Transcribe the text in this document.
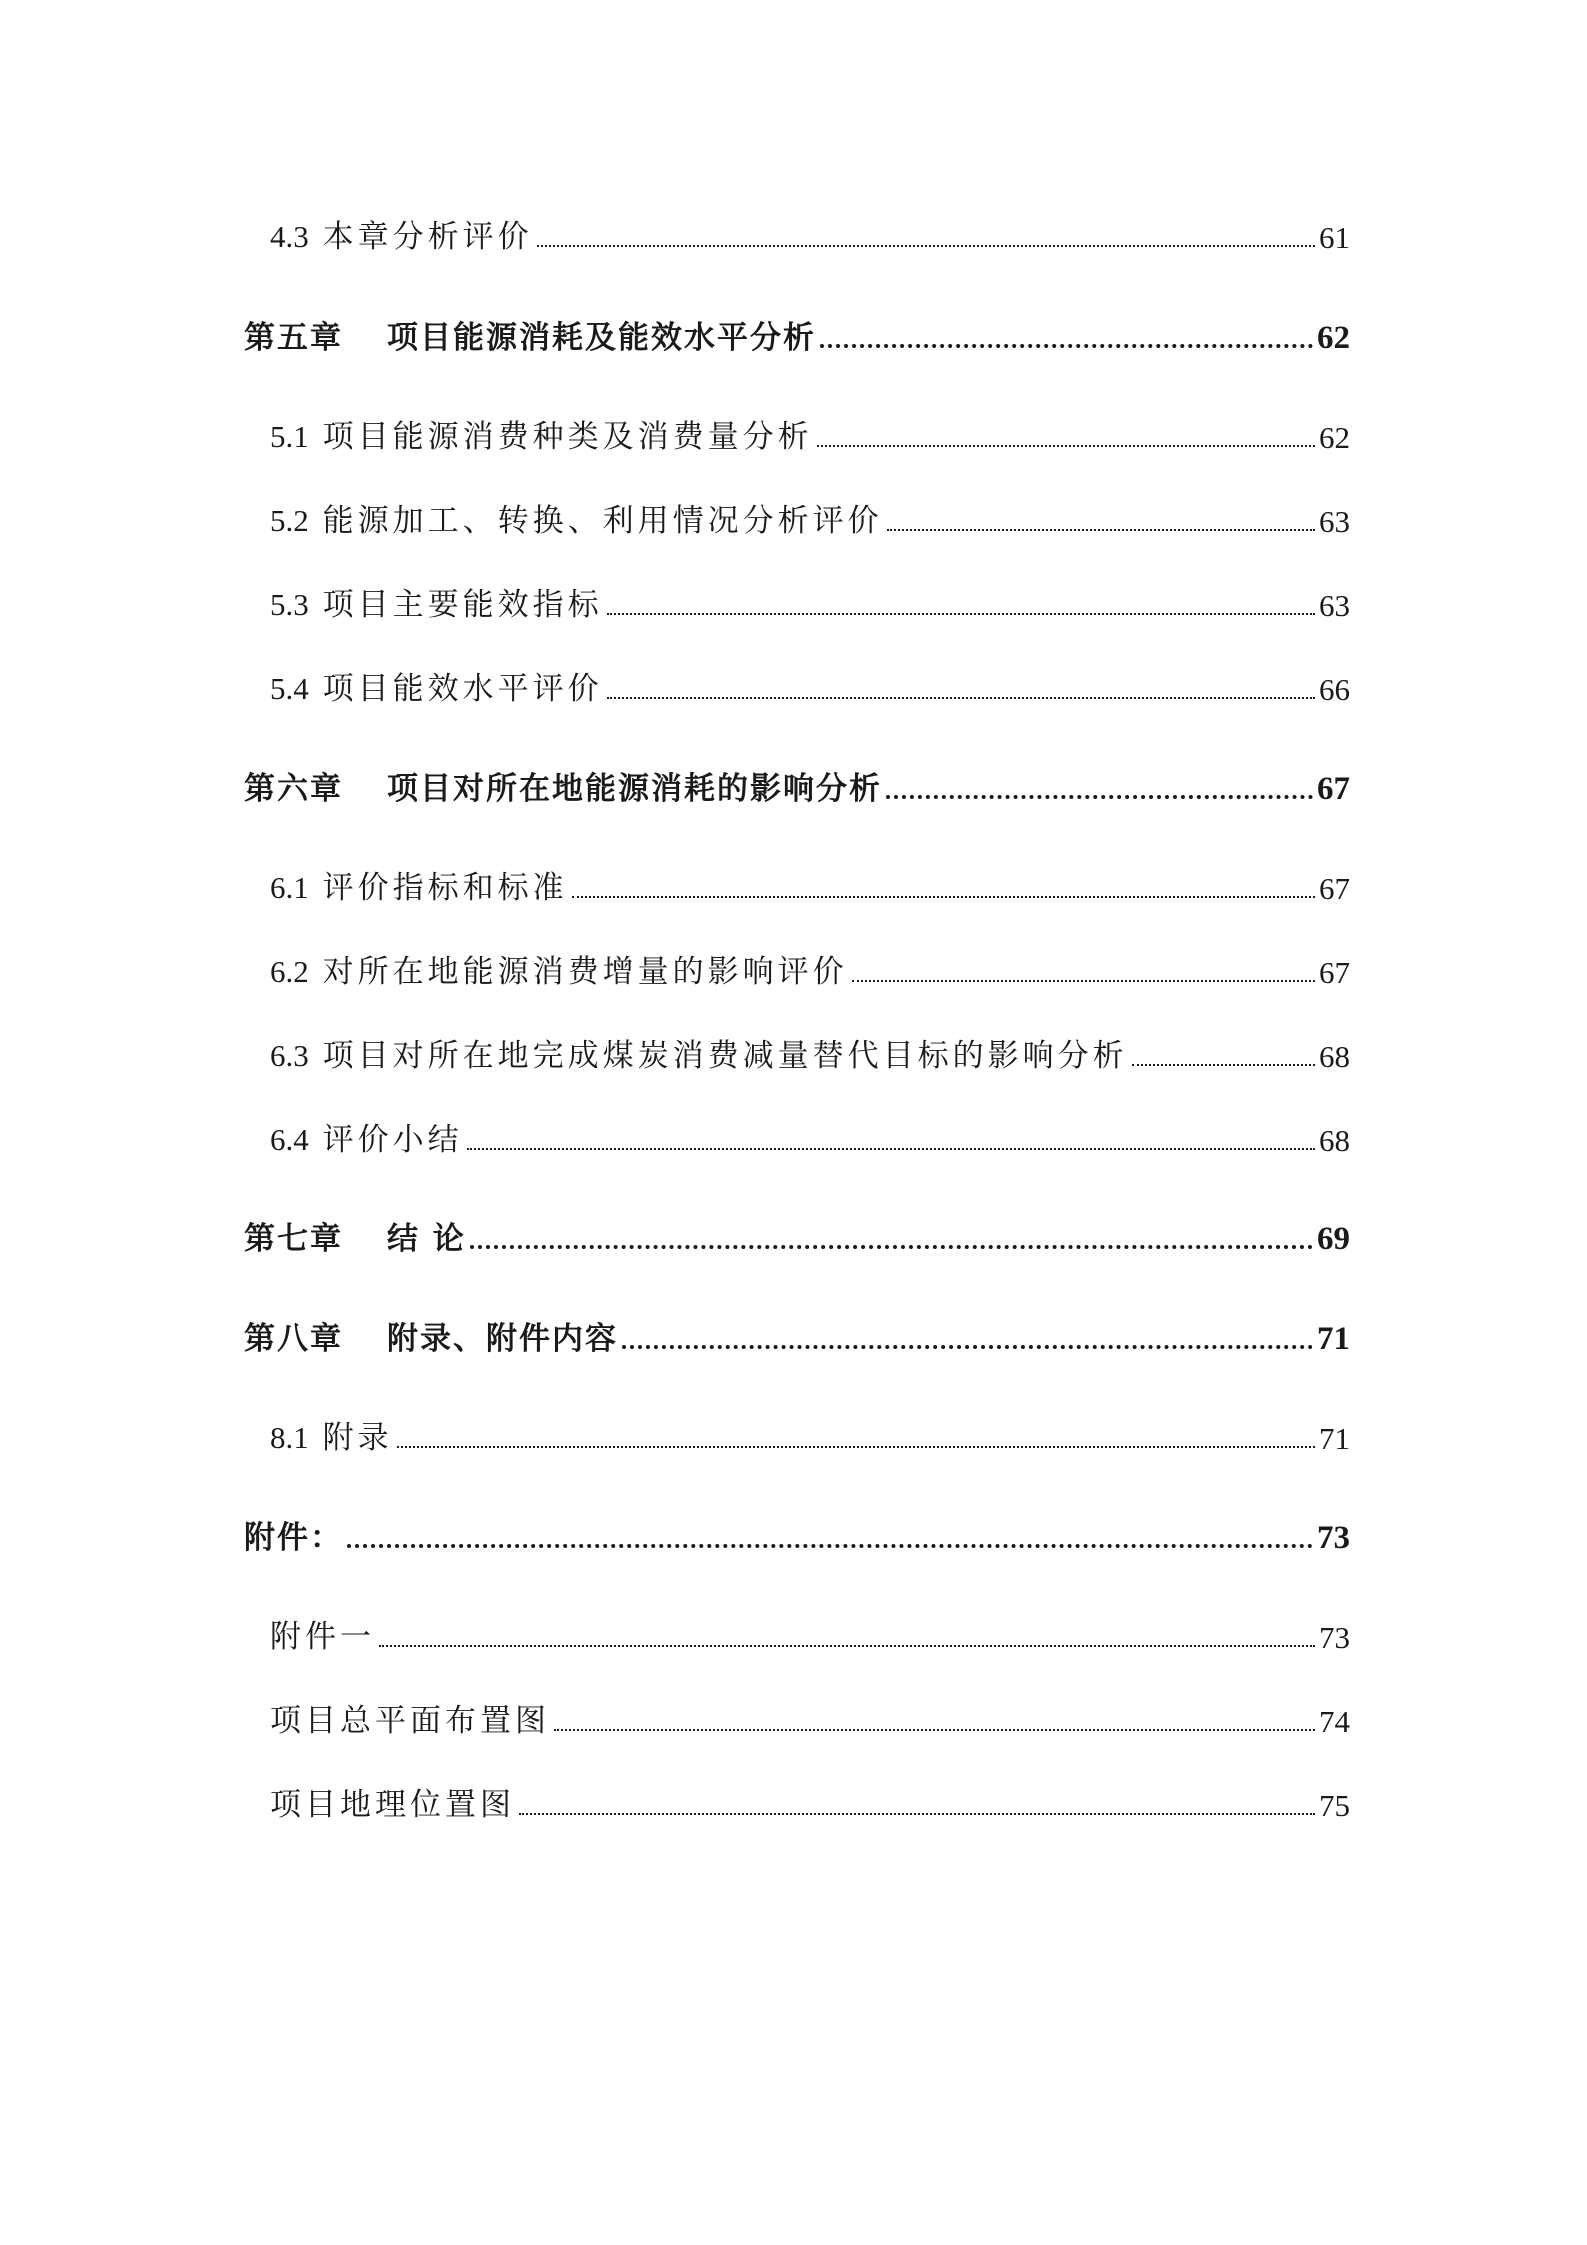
4.3 本章分析评价	61
第五章 项目能源消耗及能效水平分析	62
5.1 项目能源消费种类及消费量分析	62
5.2 能源加工、转换、利用情况分析评价	63
5.3 项目主要能效指标	63
5.4 项目能效水平评价	66
第六章 项目对所在地能源消耗的影响分析	67
6.1 评价指标和标准	67
6.2 对所在地能源消费增量的影响评价	67
6.3 项目对所在地完成煤炭消费减量替代目标的影响分析	68
6.4 评价小结	68
第七章 结 论	69
第八章 附录、附件内容	71
8.1 附录	71
附件：	73
附件一	73
项目总平面布置图	74
项目地理位置图	75
